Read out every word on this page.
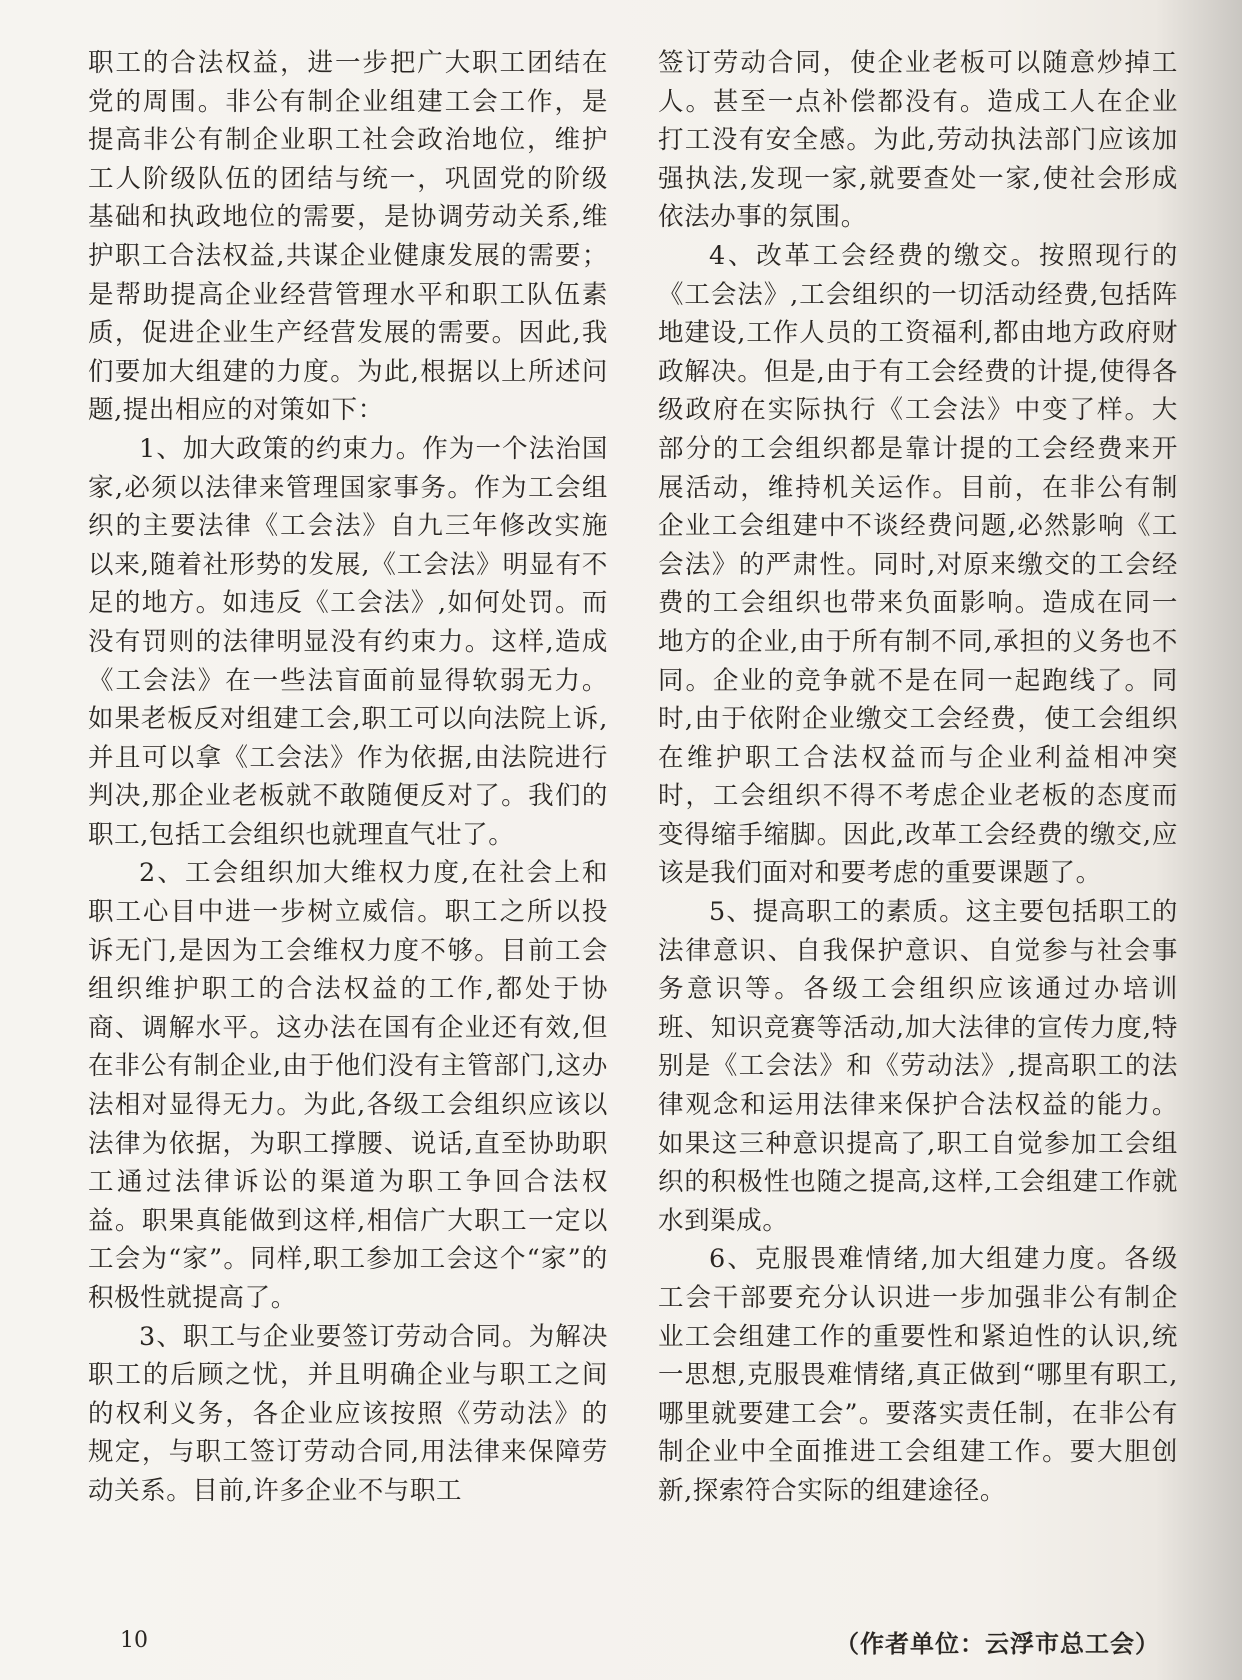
职工的合法权益，进一步把广大职工团结在党的周围。非公有制企业组建工会工作，是提高非公有制企业职工社会政治地位，维护工人阶级队伍的团结与统一，巩固党的阶级基础和执政地位的需要，是协调劳动关系,维护职工合法权益,共谋企业健康发展的需要；是帮助提高企业经营管理水平和职工队伍素质，促进企业生产经营发展的需要。因此,我们要加大组建的力度。为此,根据以上所述问题,提出相应的对策如下：

1、加大政策的约束力。作为一个法治国家,必须以法律来管理国家事务。作为工会组织的主要法律《工会法》自九三年修改实施以来,随着社形势的发展,《工会法》明显有不足的地方。如违反《工会法》,如何处罚。而没有罚则的法律明显没有约束力。这样,造成《工会法》在一些法盲面前显得软弱无力。如果老板反对组建工会,职工可以向法院上诉,并且可以拿《工会法》作为依据,由法院进行判决,那企业老板就不敢随便反对了。我们的职工,包括工会组织也就理直气壮了。

2、工会组织加大维权力度,在社会上和职工心目中进一步树立威信。职工之所以投诉无门,是因为工会维权力度不够。目前工会组织维护职工的合法权益的工作,都处于协商、调解水平。这办法在国有企业还有效,但在非公有制企业,由于他们没有主管部门,这办法相对显得无力。为此,各级工会组织应该以法律为依据，为职工撑腰、说话,直至协助职工通过法律诉讼的渠道为职工争回合法权益。职果真能做到这样,相信广大职工一定以工会为“家”。同样,职工参加工会这个“家”的积极性就提高了。

3、职工与企业要签订劳动合同。为解决职工的后顾之忧，并且明确企业与职工之间的权利义务，各企业应该按照《劳动法》的规定，与职工签订劳动合同,用法律来保障劳动关系。目前,许多企业不与职工

签订劳动合同，使企业老板可以随意炒掉工人。甚至一点补偿都没有。造成工人在企业打工没有安全感。为此,劳动执法部门应该加强执法,发现一家,就要查处一家,使社会形成依法办事的氛围。

4、改革工会经费的缴交。按照现行的《工会法》,工会组织的一切活动经费,包括阵地建设,工作人员的工资福利,都由地方政府财政解决。但是,由于有工会经费的计提,使得各级政府在实际执行《工会法》中变了样。大部分的工会组织都是靠计提的工会经费来开展活动，维持机关运作。目前，在非公有制企业工会组建中不谈经费问题,必然影响《工会法》的严肃性。同时,对原来缴交的工会经费的工会组织也带来负面影响。造成在同一地方的企业,由于所有制不同,承担的义务也不同。企业的竞争就不是在同一起跑线了。同时,由于依附企业缴交工会经费，使工会组织在维护职工合法权益而与企业利益相冲突时，工会组织不得不考虑企业老板的态度而变得缩手缩脚。因此,改革工会经费的缴交,应该是我们面对和要考虑的重要课题了。

5、提高职工的素质。这主要包括职工的法律意识、自我保护意识、自觉参与社会事务意识等。各级工会组织应该通过办培训班、知识竞赛等活动,加大法律的宣传力度,特别是《工会法》和《劳动法》,提高职工的法律观念和运用法律来保护合法权益的能力。如果这三种意识提高了,职工自觉参加工会组织的积极性也随之提高,这样,工会组建工作就水到渠成。

6、克服畏难情绪,加大组建力度。各级工会干部要充分认识进一步加强非公有制企业工会组建工作的重要性和紧迫性的认识,统一思想,克服畏难情绪,真正做到“哪里有职工,哪里就要建工会”。要落实责任制，在非公有制企业中全面推进工会组建工作。要大胆创新,探索符合实际的组建途径。

（作者单位：云浮市总工会）
10
